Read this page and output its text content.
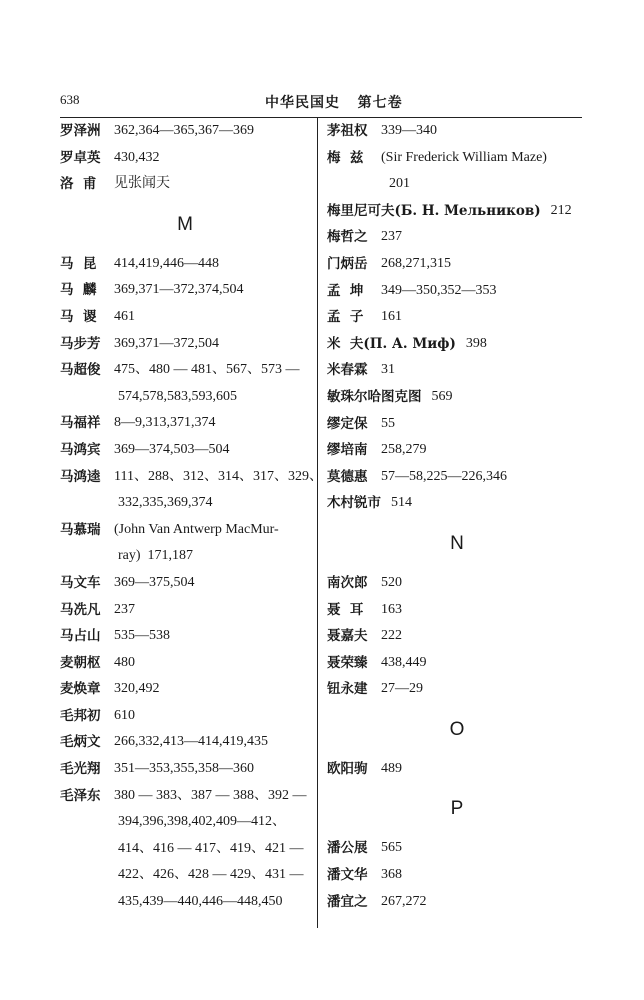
638	中华民国史   第七卷
罗泽洲 362,364—365,367—369
罗卓英 430,432
洛  甫	见张闻天
M
马  昆	414,419,446—448
马  麟	369,371—372,374,504
马  谡	461
马步芳 369,371—372,504
马超俊 475、480 — 481、567、573 —
574,578,583,593,605
马福祥 8—9,313,371,374
马鸿宾 369—374,503—504
马鸿逵 111、288、312、314、317、329、
332,335,369,374
马慕瑞 (John Van Antwerp MacMur-
ray)  171,187
马文车 369—375,504
马冼凡 237
马占山 535—538
麦朝枢 480
麦焕章 320,492
毛邦初 610
毛炳文 266,332,413—414,419,435
毛光翔 351—353,355,358—360
毛泽东 380 — 383、387 — 388、392 —
394,396,398,402,409—412、
414、416 — 417、419、421 —
422、426、428 — 429、431 —
435,439—440,446—448,450
茅祖权 339—340
梅  兹	(Sir Frederick William Maze)
201
梅里尼可夫(Б. Н. Мельников) 212
梅哲之 237
门炳岳 268,271,315
孟  坤	349—350,352—353
孟  子	161
米  夫(П. А. Миф) 398
米春霖 31
敏珠尔哈图克图 569
缪定保 55
缪培南 258,279
莫德惠 57—58,225—226,346
木村锐市 514
N
南次郎 520
聂  耳	163
聂嘉夫 222
聂荣臻 438,449
钮永建 27—29
O
欧阳驹 489
P
潘公展 565
潘文华 368
潘宜之 267,272
